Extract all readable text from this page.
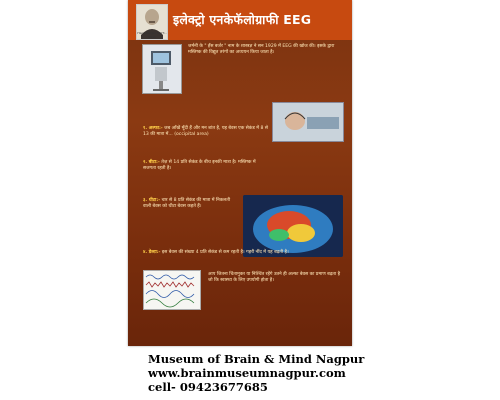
Hans Berger 1873 - 1941
इलेक्ट्रो एनकेफॅलोग्राफी EEG
जर्मनी के " हँस बर्जर " नाम के शास्त्रज्ञ ने सन 1929 में EEG की खोज की। इसके द्वारा मस्तिष्क की विद्युत तरंगों का अध्ययन किया जाता है।
१. अल्फा:- जब आँखें मूँदी हैं और मन शांत है, यह बेवस एक सेकंड में 8 से 13 की मात्रा में... (occipital area)
२. बीटा:- तेज़ से 14 प्रति सेकंड के बीच इनकी मात्रा है। मस्तिष्क में सजगता रहती है।
३. थीटा:- चार से 8 प्रति सेकंड की मात्रा में निकलती वाली बेवस को थीटा बेवस कहते हैं।
४. डेल्टा:- इस बेवस की संख्या 4 प्रति सेकंड से कम रहती है। गहरी नींद में यह बढ़ती है।
आप जितना चिंतामुक्त या निश्चिंत रहेंगे उतने ही अल्फा बेवस का प्रमाण बढ़ता है जो कि स्वास्थ्य के लिए उपयोगी होता है।
Museum of Brain & Mind Nagpur
www.brainmuseumnagpur.com
cell- 09423677685
